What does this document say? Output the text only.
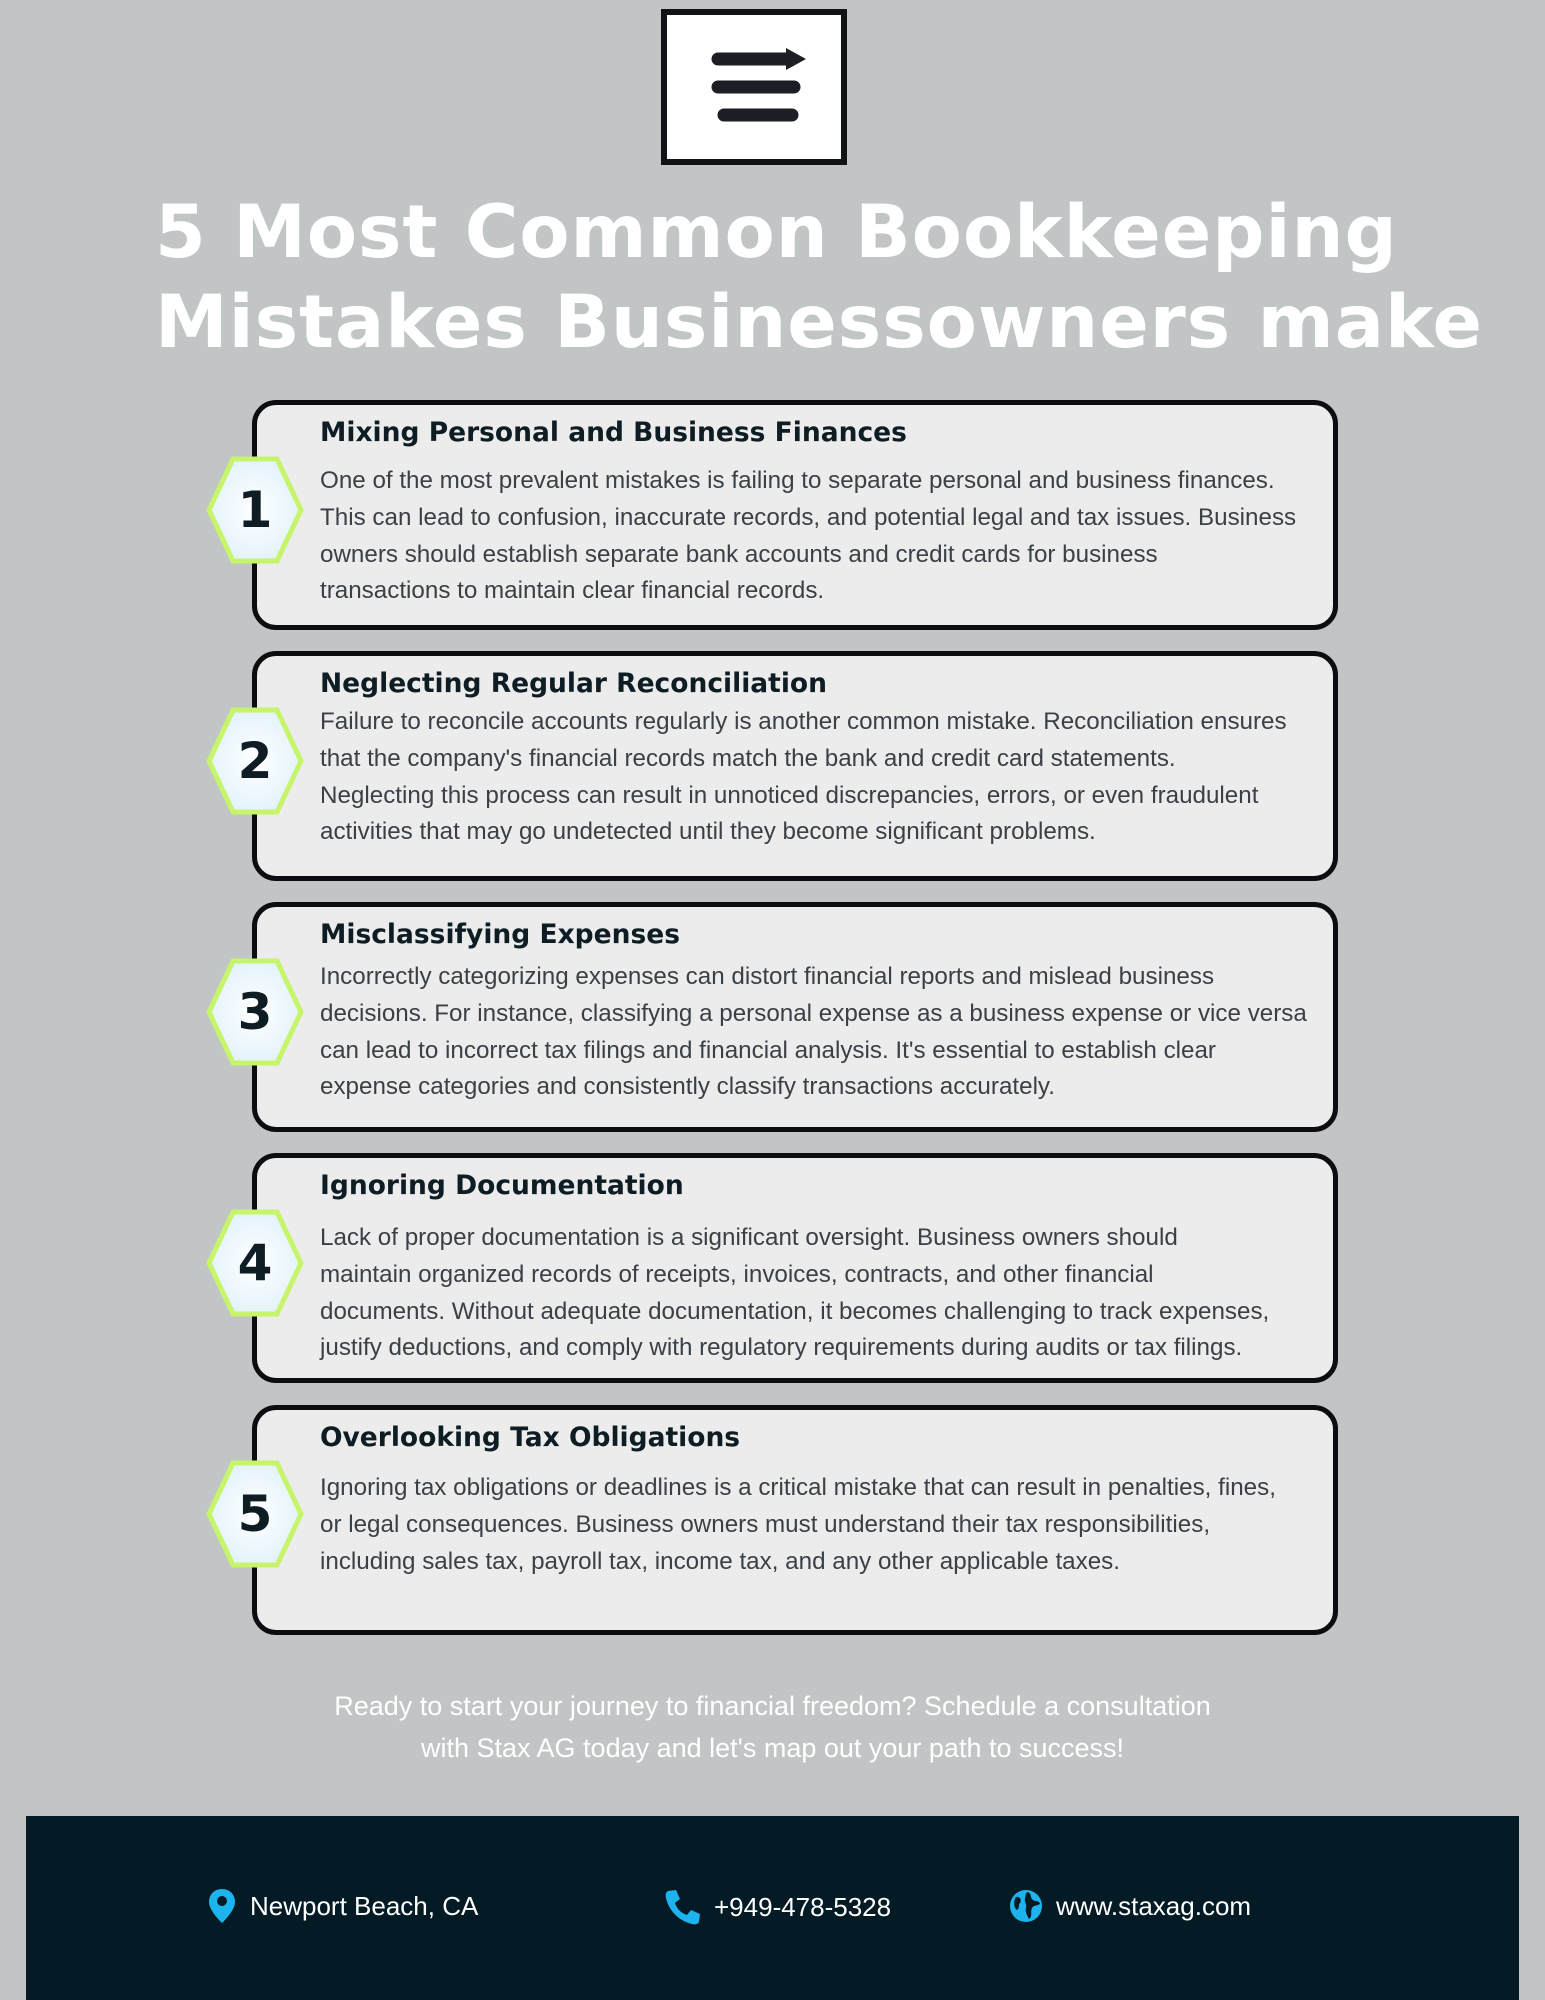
5 Most Common Bookkeeping
Mistakes Businessowners make
Mixing Personal and Business Finances

One of the most prevalent mistakes is failing to separate personal and business finances.
This can lead to confusion, inaccurate records, and potential legal and tax issues. Business
owners should establish separate bank accounts and credit cards for business
transactions to maintain clear financial records.

1
Neglecting Regular Reconciliation

Failure to reconcile accounts regularly is another common mistake. Reconciliation ensures
that the company's financial records match the bank and credit card statements.
Neglecting this process can result in unnoticed discrepancies, errors, or even fraudulent
activities that may go undetected until they become significant problems.

2
Misclassifying Expenses

Incorrectly categorizing expenses can distort financial reports and mislead business
decisions. For instance, classifying a personal expense as a business expense or vice versa
can lead to incorrect tax filings and financial analysis. It's essential to establish clear
expense categories and consistently classify transactions accurately.

3
Ignoring Documentation

Lack of proper documentation is a significant oversight. Business owners should
maintain organized records of receipts, invoices, contracts, and other financial
documents. Without adequate documentation, it becomes challenging to track expenses,
justify deductions, and comply with regulatory requirements during audits or tax filings.

4
Overlooking Tax Obligations

Ignoring tax obligations or deadlines is a critical mistake that can result in penalties, fines,
or legal consequences. Business owners must understand their tax responsibilities,
including sales tax, payroll tax, income tax, and any other applicable taxes.

5
Ready to start your journey to financial freedom? Schedule a consultation
with Stax AG today and let's map out your path to success!
Newport Beach, CA	+949-478-5328	www.staxag.com
